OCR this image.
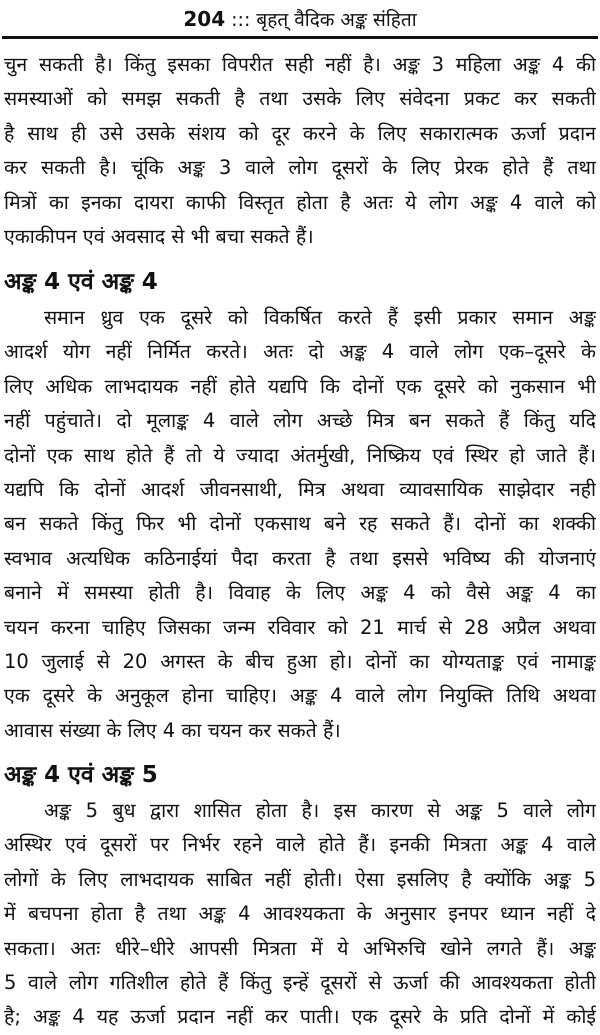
204 ::: बृहत् वैदिक अङ्क संहिता
चुन सकती है। किंतु इसका विपरीत सही नहीं है। अङ्क 3 महिला अङ्क 4 की
समस्याओं को समझ सकती है तथा उसके लिए संवेदना प्रकट कर सकती
है साथ ही उसे उसके संशय को दूर करने के लिए सकारात्मक ऊर्जा प्रदान
कर सकती है। चूंकि अङ्क 3 वाले लोग दूसरों के लिए प्रेरक होते हैं तथा
मित्रों का इनका दायरा काफी विस्तृत होता है अतः ये लोग अङ्क 4 वाले को
एकाकीपन एवं अवसाद से भी बचा सकते हैं।
अङ्क 4 एवं अङ्क 4
समान ध्रुव एक दूसरे को विकर्षित करते हैं इसी प्रकार समान अङ्क
आदर्श योग नहीं निर्मित करते। अतः दो अङ्क 4 वाले लोग एक–दूसरे के
लिए अधिक लाभदायक नहीं होते यद्यपि कि दोनों एक दूसरे को नुकसान भी
नहीं पहुंचाते। दो मूलाङ्क 4 वाले लोग अच्छे मित्र बन सकते हैं किंतु यदि
दोनों एक साथ होते हैं तो ये ज्यादा अंतर्मुखी, निष्क्रिय एवं स्थिर हो जाते हैं।
यद्यपि कि दोनों आदर्श जीवनसाथी, मित्र अथवा व्यावसायिक साझेदार नही
बन सकते किंतु फिर भी दोनों एकसाथ बने रह सकते हैं। दोनों का शक्की
स्वभाव अत्यधिक कठिनाईयां पैदा करता है तथा इससे भविष्य की योजनाएं
बनाने में समस्या होती है। विवाह के लिए अङ्क 4 को वैसे अङ्क 4 का
चयन करना चाहिए जिसका जन्म रविवार को 21 मार्च से 28 अप्रैल अथवा
10 जुलाई से 20 अगस्त के बीच हुआ हो। दोनों का योग्यताङ्क एवं नामाङ्क
एक दूसरे के अनुकूल होना चाहिए। अङ्क 4 वाले लोग नियुक्ति तिथि अथवा
आवास संख्या के लिए 4 का चयन कर सकते हैं।
अङ्क 4 एवं अङ्क 5
अङ्क 5 बुध द्वारा शासित होता है। इस कारण से अङ्क 5 वाले लोग
अस्थिर एवं दूसरों पर निर्भर रहने वाले होते हैं। इनकी मित्रता अङ्क 4 वाले
लोगों के लिए लाभदायक साबित नहीं होती। ऐसा इसलिए है क्योंकि अङ्क 5
में बचपना होता है तथा अङ्क 4 आवश्यकता के अनुसार इनपर ध्यान नहीं दे
सकता। अतः धीरे–धीरे आपसी मित्रता में ये अभिरुचि खोने लगते हैं। अङ्क
5 वाले लोग गतिशील होते हैं किंतु इन्हें दूसरों से ऊर्जा की आवश्यकता होती
है; अङ्क 4 यह ऊर्जा प्रदान नहीं कर पाती। एक दूसरे के प्रति दोनों में कोई
